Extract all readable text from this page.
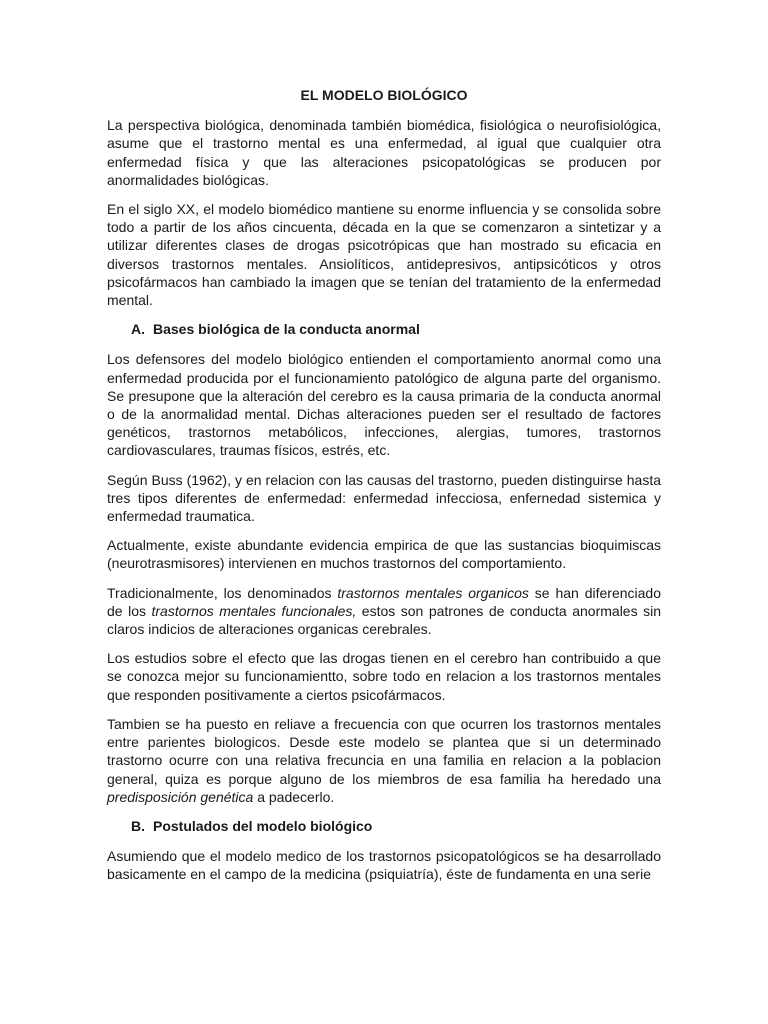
EL MODELO BIOLÓGICO

La perspectiva biológica, denominada también biomédica, fisiológica o neurofisiológica, asume que el trastorno mental es una enfermedad, al igual que cualquier otra enfermedad física y que las alteraciones psicopatológicas se producen por anormalidades biológicas.

En el siglo XX, el modelo biomédico mantiene su enorme influencia y se consolida sobre todo a partir de los años cincuenta, década en la que se comenzaron a sintetizar y a utilizar diferentes clases de drogas psicotrópicas que han mostrado su eficacia en diversos trastornos mentales. Ansiolíticos, antidepresivos, antipsicóticos y otros psicofármacos han cambiado la imagen que se tenían del tratamiento de la enfermedad mental.

A. Bases biológica de la conducta anormal

Los defensores del modelo biológico entienden el comportamiento anormal como una enfermedad producida por el funcionamiento patológico de alguna parte del organismo. Se presupone que la alteración del cerebro es la causa primaria de la conducta anormal o de la anormalidad mental. Dichas alteraciones pueden ser el resultado de factores genéticos, trastornos metabólicos, infecciones, alergias, tumores, trastornos cardiovasculares, traumas físicos, estrés, etc.

Según Buss (1962), y en relacion con las causas del trastorno, pueden distinguirse hasta tres tipos diferentes de enfermedad: enfermedad infecciosa, enfernedad sistemica y enfermedad traumatica.

Actualmente, existe abundante evidencia empirica de que las sustancias bioquimiscas (neurotrasmisores) intervienen en muchos trastornos del comportamiento.

Tradicionalmente, los denominados trastornos mentales organicos se han diferenciado de los trastornos mentales funcionales, estos son patrones de conducta anormales sin claros indicios de alteraciones organicas cerebrales.

Los estudios sobre el efecto que las drogas tienen en el cerebro han contribuido a que se conozca mejor su funcionamientto, sobre todo en relacion a los trastornos mentales que responden positivamente a ciertos psicofármacos.

Tambien se ha puesto en reliave a frecuencia con que ocurren los trastornos mentales entre parientes biologicos. Desde este modelo se plantea que si un determinado trastorno ocurre con una relativa frecuncia en una familia en relacion a la poblacion general, quiza es porque alguno de los miembros de esa familia ha heredado una predisposición genética a padecerlo.

B. Postulados del modelo biológico

Asumiendo que el modelo medico de los trastornos psicopatológicos se ha desarrollado basicamente en el campo de la medicina (psiquiatría), éste de fundamenta en una serie
